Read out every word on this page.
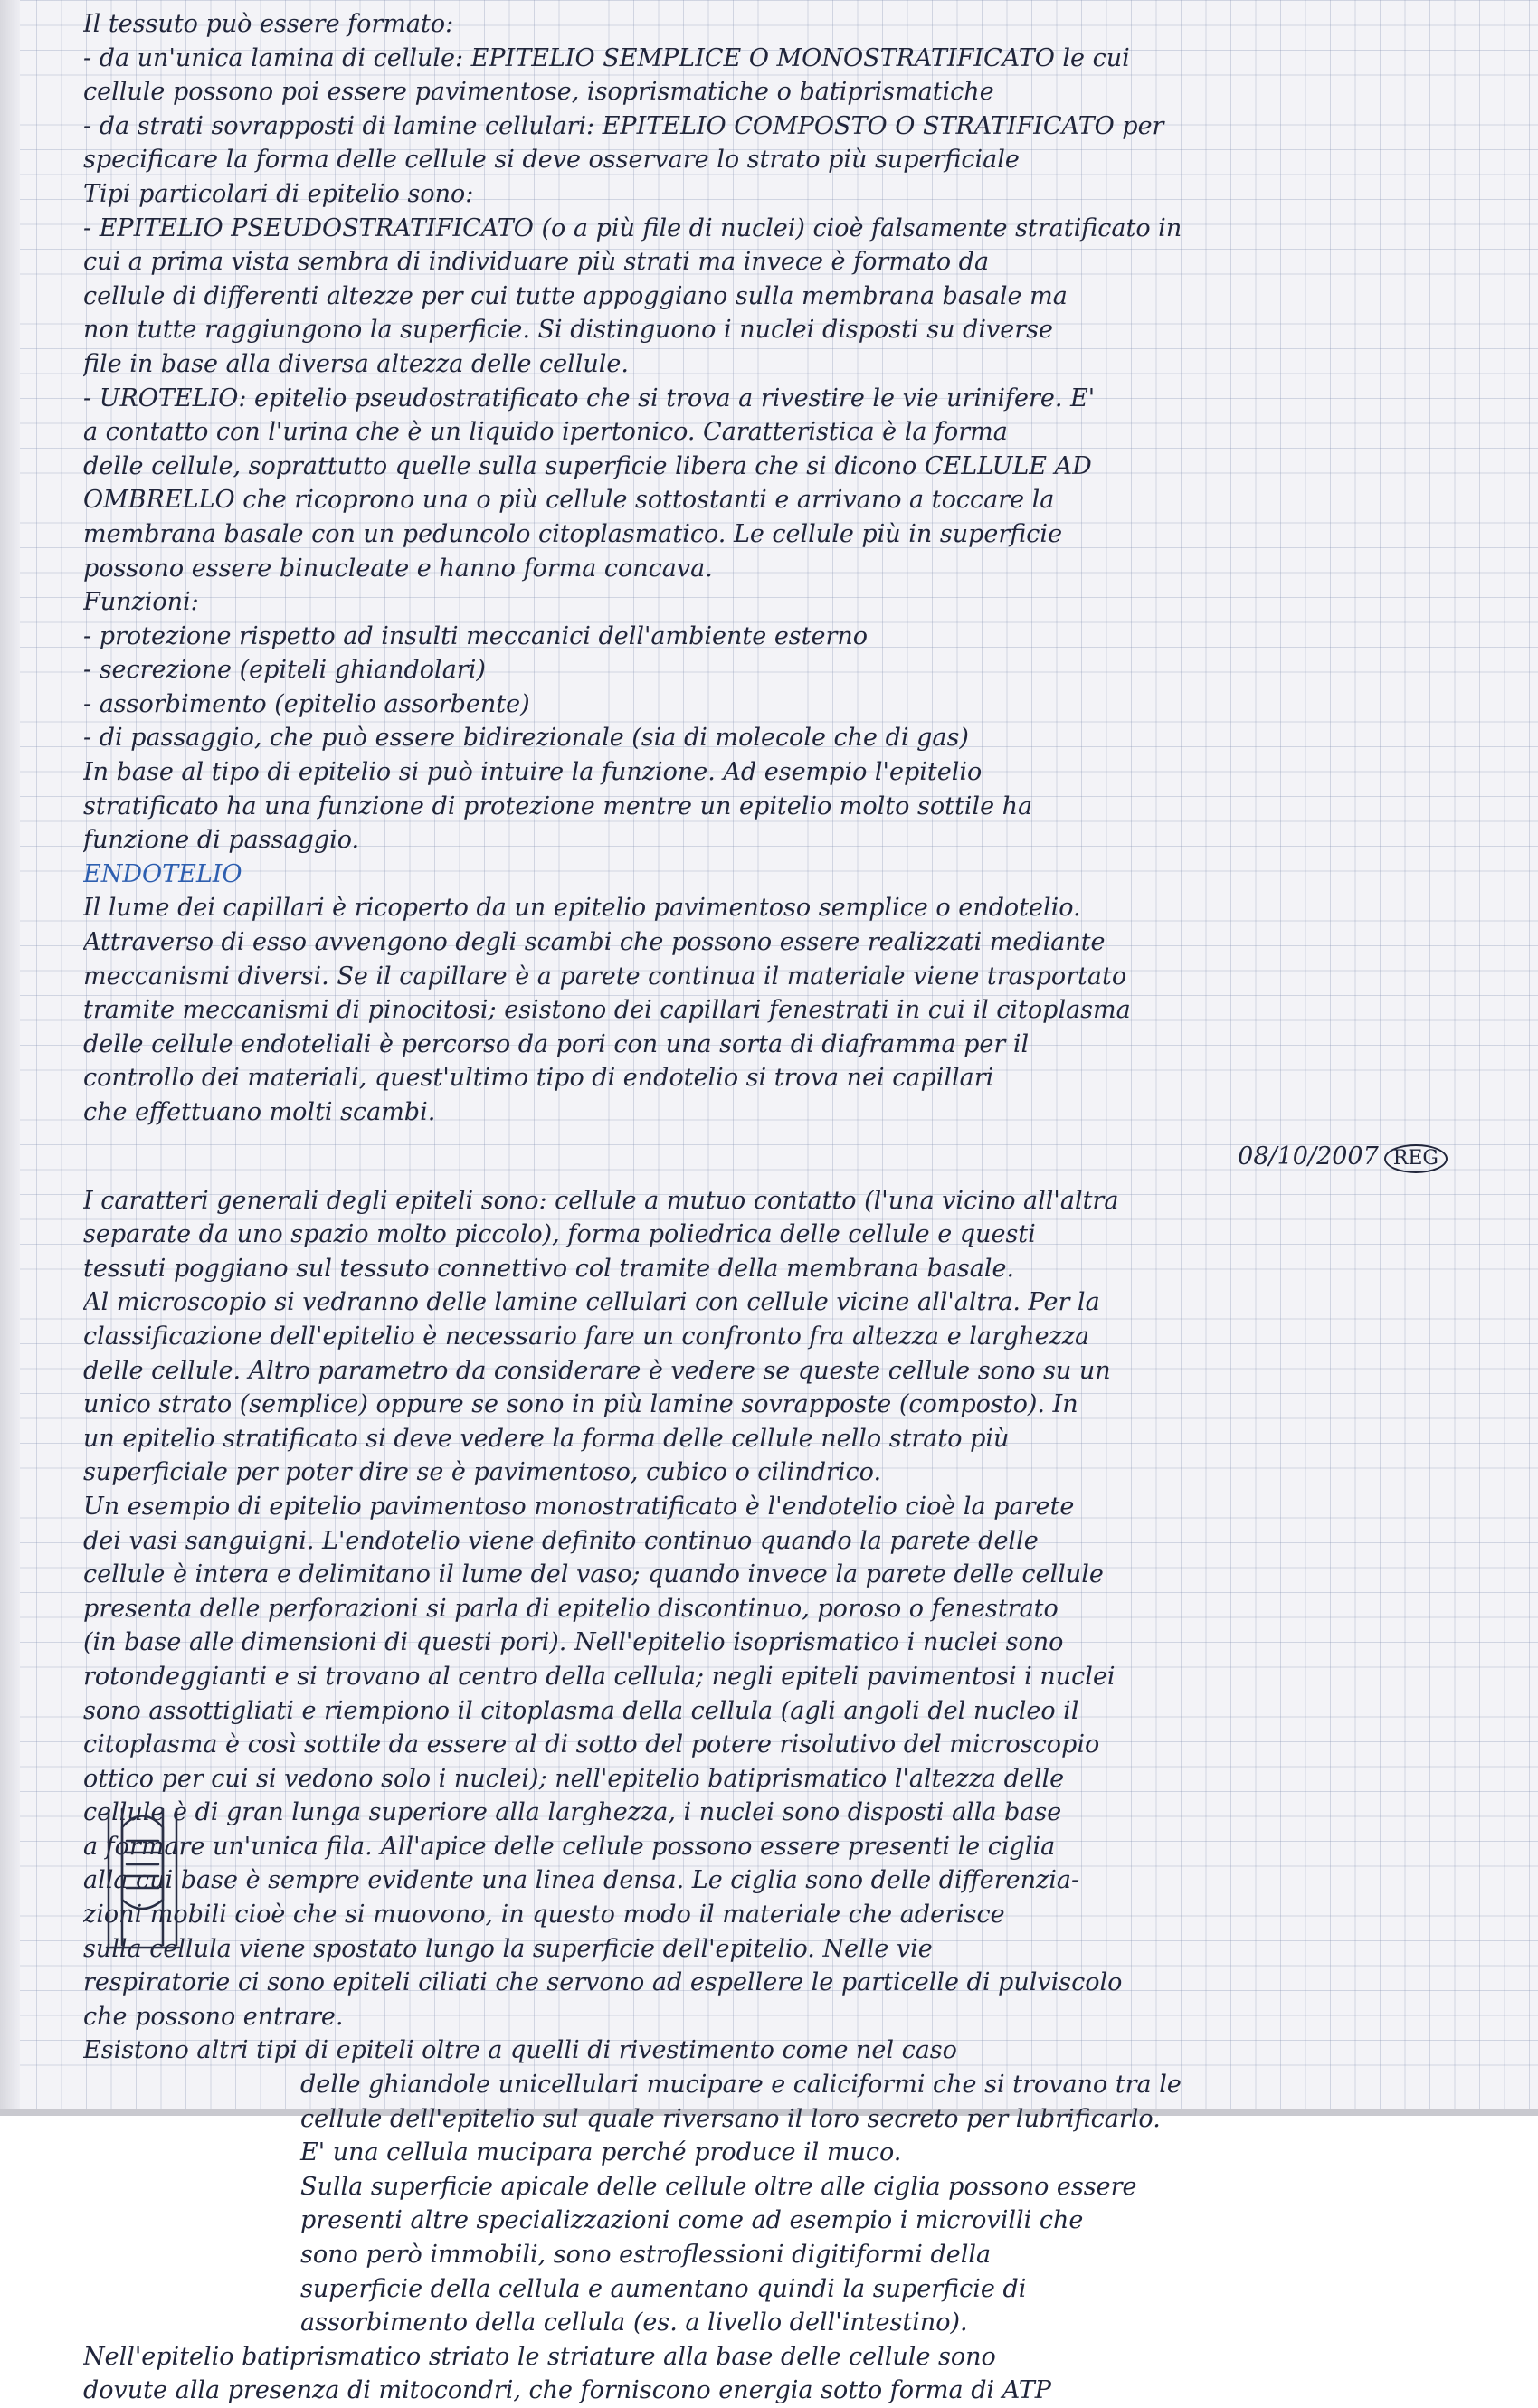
Il tessuto può essere formato:
- da un'unica lamina di cellule: EPITELIO SEMPLICE O MONOSTRATIFICATO le cui
cellule possono poi essere pavimentose, isoprismatiche o batiprismatiche
- da strati sovrapposti di lamine cellulari: EPITELIO COMPOSTO O STRATIFICATO per
specificare la forma delle cellule si deve osservare lo strato più superficiale
Tipi particolari di epitelio sono:
- EPITELIO PSEUDOSTRATIFICATO (o a più file di nuclei) cioè falsamente stratificato in
cui a prima vista sembra di individuare più strati ma invece è formato da
cellule di differenti altezze per cui tutte appoggiano sulla membrana basale ma
non tutte raggiungono la superficie. Si distinguono i nuclei disposti su diverse
file in base alla diversa altezza delle cellule.
- UROTELIO: epitelio pseudostratificato che si trova a rivestire le vie urinifere. E'
a contatto con l'urina che è un liquido ipertonico. Caratteristica è la forma
delle cellule, soprattutto quelle sulla superficie libera che si dicono CELLULE AD
OMBRELLO che ricoprono una o più cellule sottostanti e arrivano a toccare la
membrana basale con un peduncolo citoplasmatico. Le cellule più in superficie
possono essere binucleate e hanno forma concava.
Funzioni:
- protezione rispetto ad insulti meccanici dell'ambiente esterno
- secrezione (epiteli ghiandolari)
- assorbimento (epitelio assorbente)
- di passaggio, che può essere bidirezionale (sia di molecole che di gas)
In base al tipo di epitelio si può intuire la funzione. Ad esempio l'epitelio
stratificato ha una funzione di protezione mentre un epitelio molto sottile ha
funzione di passaggio.
ENDOTELIO
Il lume dei capillari è ricoperto da un epitelio pavimentoso semplice o endotelio.
Attraverso di esso avvengono degli scambi che possono essere realizzati mediante
meccanismi diversi. Se il capillare è a parete continua il materiale viene trasportato
tramite meccanismi di pinocitosi; esistono dei capillari fenestrati in cui il citoplasma
delle cellule endoteliali è percorso da pori con una sorta di diaframma per il
controllo dei materiali, quest'ultimo tipo di endotelio si trova nei capillari
che effettuano molti scambi.
08/10/2007 REG
I caratteri generali degli epiteli sono: cellule a mutuo contatto (l'una vicino all'altra
separate da uno spazio molto piccolo), forma poliedrica delle cellule e questi
tessuti poggiano sul tessuto connettivo col tramite della membrana basale.
Al microscopio si vedranno delle lamine cellulari con cellule vicine all'altra. Per la
classificazione dell'epitelio è necessario fare un confronto fra altezza e larghezza
delle cellule. Altro parametro da considerare è vedere se queste cellule sono su un
unico strato (semplice) oppure se sono in più lamine sovrapposte (composto). In
un epitelio stratificato si deve vedere la forma delle cellule nello strato più
superficiale per poter dire se è pavimentoso, cubico o cilindrico.
Un esempio di epitelio pavimentoso monostratificato è l'endotelio cioè la parete
dei vasi sanguigni. L'endotelio viene definito continuo quando la parete delle
cellule è intera e delimitano il lume del vaso; quando invece la parete delle cellule
presenta delle perforazioni si parla di epitelio discontinuo, poroso o fenestrato
(in base alle dimensioni di questi pori). Nell'epitelio isoprismatico i nuclei sono
rotondeggianti e si trovano al centro della cellula; negli epiteli pavimentosi i nuclei
sono assottigliati e riempiono il citoplasma della cellula (agli angoli del nucleo il
citoplasma è così sottile da essere al di sotto del potere risolutivo del microscopio
ottico per cui si vedono solo i nuclei); nell'epitelio batiprismatico l'altezza delle
cellule è di gran lunga superiore alla larghezza, i nuclei sono disposti alla base
a formare un'unica fila. All'apice delle cellule possono essere presenti le ciglia
alla cui base è sempre evidente una linea densa. Le ciglia sono delle differenzia-
zioni mobili cioè che si muovono, in questo modo il materiale che aderisce
sulla cellula viene spostato lungo la superficie dell'epitelio. Nelle vie
respiratorie ci sono epiteli ciliati che servono ad espellere le particelle di pulviscolo
che possono entrare.
Esistono altri tipi di epiteli oltre a quelli di rivestimento come nel caso
delle ghiandole unicellulari mucipare e caliciformi che si trovano tra le
cellule dell'epitelio sul quale riversano il loro secreto per lubrificarlo.
E' una cellula mucipara perché produce il muco.
Sulla superficie apicale delle cellule oltre alle ciglia possono essere
presenti altre specializzazioni come ad esempio i microvilli che
sono però immobili, sono estroflessioni digitiformi della
superficie della cellula e aumentano quindi la superficie di
assorbimento della cellula (es. a livello dell'intestino).
Nell'epitelio batiprismatico striato le striature alla base delle cellule sono
dovute alla presenza di mitocondri, che forniscono energia sotto forma di ATP
